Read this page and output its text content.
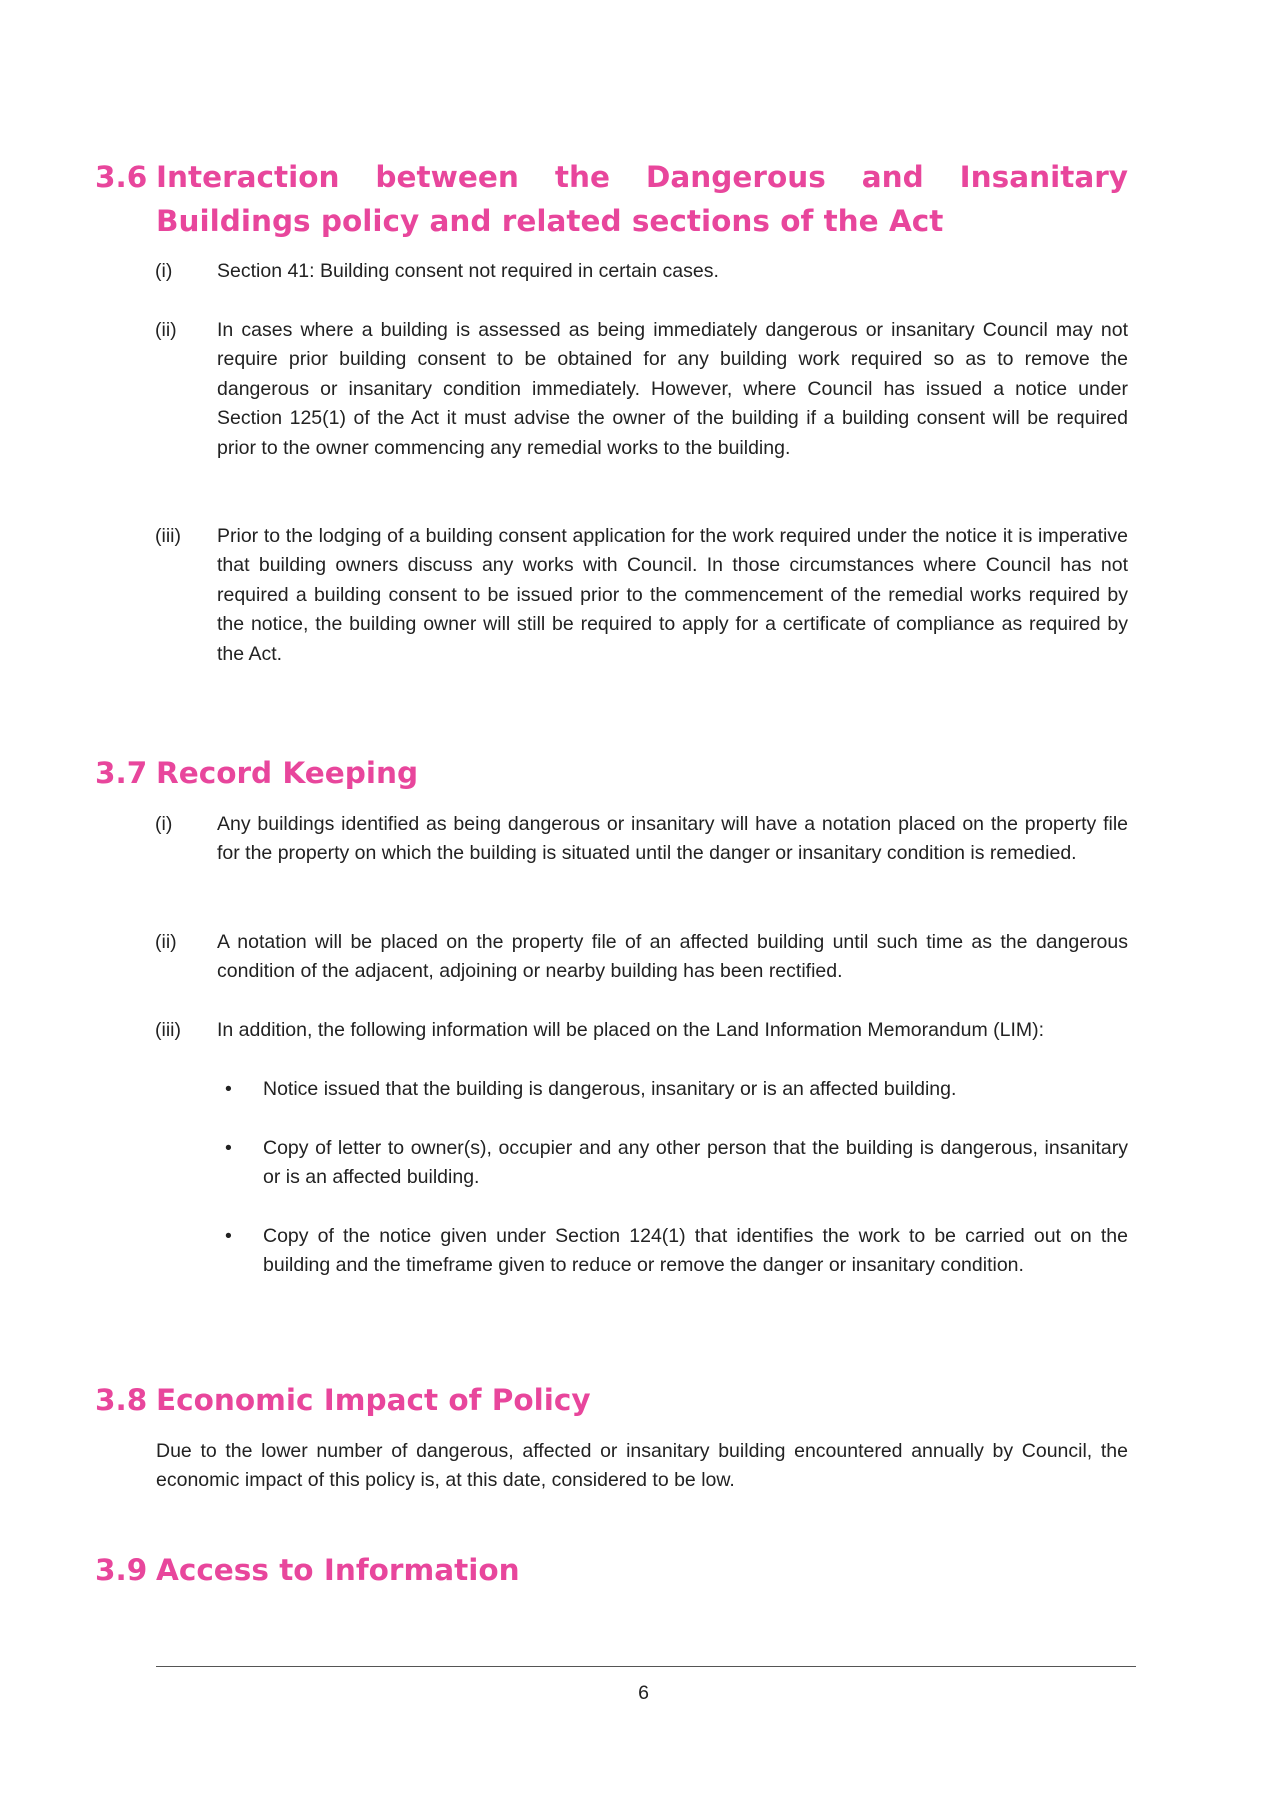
3.6 Interaction between the Dangerous and Insanitary Buildings policy and related sections of the Act
(i) Section 41: Building consent not required in certain cases.
(ii) In cases where a building is assessed as being immediately dangerous or insanitary Council may not require prior building consent to be obtained for any building work required so as to remove the dangerous or insanitary condition immediately. However, where Council has issued a notice under Section 125(1) of the Act it must advise the owner of the building if a building consent will be required prior to the owner commencing any remedial works to the building.
(iii) Prior to the lodging of a building consent application for the work required under the notice it is imperative that building owners discuss any works with Council. In those circumstances where Council has not required a building consent to be issued prior to the commencement of the remedial works required by the notice, the building owner will still be required to apply for a certificate of compliance as required by the Act.
3.7 Record Keeping
(i) Any buildings identified as being dangerous or insanitary will have a notation placed on the property file for the property on which the building is situated until the danger or insanitary condition is remedied.
(ii) A notation will be placed on the property file of an affected building until such time as the dangerous condition of the adjacent, adjoining or nearby building has been rectified.
(iii) In addition, the following information will be placed on the Land Information Memorandum (LIM):
• Notice issued that the building is dangerous, insanitary or is an affected building.
• Copy of letter to owner(s), occupier and any other person that the building is dangerous, insanitary or is an affected building.
• Copy of the notice given under Section 124(1) that identifies the work to be carried out on the building and the timeframe given to reduce or remove the danger or insanitary condition.
3.8 Economic Impact of Policy
Due to the lower number of dangerous, affected or insanitary building encountered annually by Council, the economic impact of this policy is, at this date, considered to be low.
3.9 Access to Information
6
